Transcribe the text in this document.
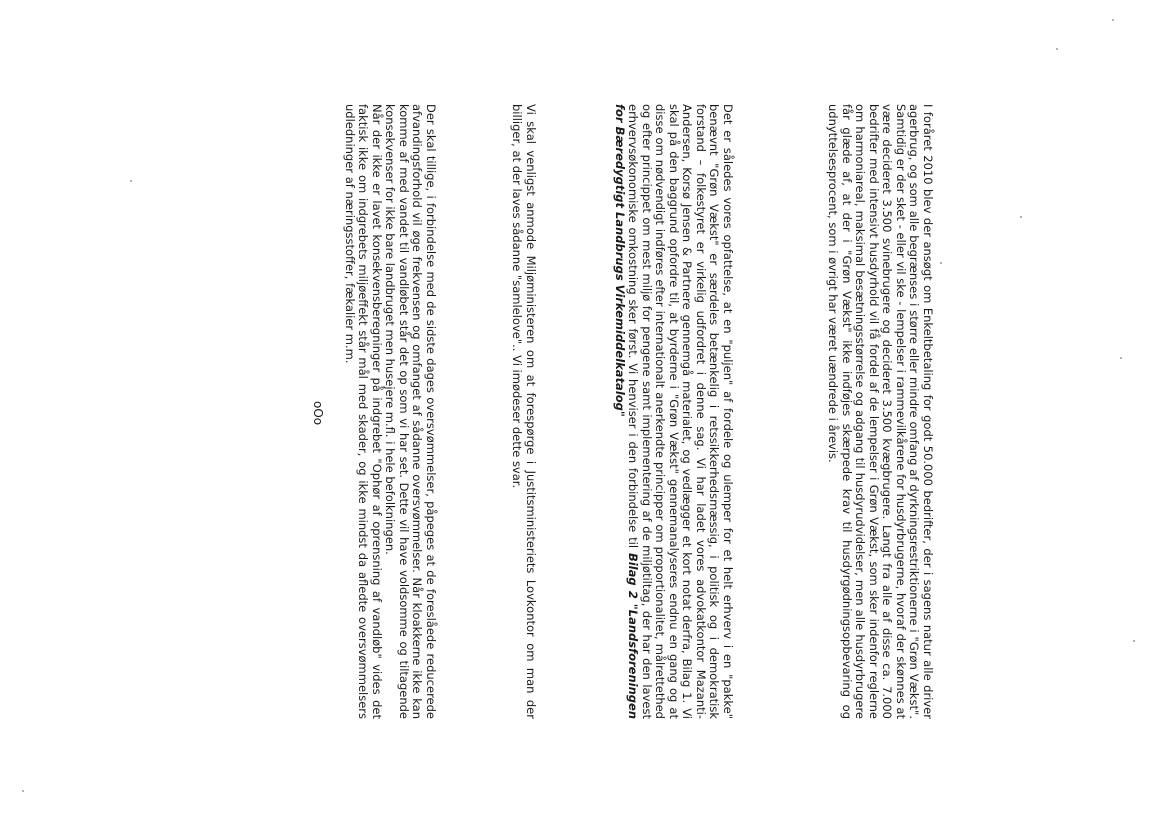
I foråret 2010 blev der ansøgt om Enkeltbetaling for godt 50.000 bedrifter, der i sagens natur alle driver agerbrug, og som alle begrænses i større eller mindre omfang af dyrkningsrestriktionerne i "Grøn Vækst". Samtidig er der sket - eller vil ske - lempelser i rammevilkårene for husdyrbrugerne, hvoraf der skønnes at være decideret 3.500 svinebrugere og decideret 3.500 kvægbrugere. Langt fra alle af disse ca. 7.000 bedrifter med intensivt husdyrhold vil få fordel af de lempelser i Grøn Vækst, som sker indenfor reglerne om harmoniareal, maksimal besætningsstørrelse og adgang til husdyrudvidelser, men alle husdyrbrugere får glæde af, at der i "Grøn Vækst" ikke indføjes skærpede krav til husdyrgødningsopbevaring og udnyttelsesprocent, som i øvrigt har været uændrede i årevis.

Det er således vores opfattelse, at en "puljen" af fordele og ulemper for et helt erhverv i en "pakke" benævnt "Grøn Vækst" er særdeles betænkelig i retssikkerhedsmæssig, i politisk og i demokratisk forstand – folkestyret er virkelig udfordret i denne sag. Vi har ladet vores advokatkontor Mazanti-Andersen, Korsø Jensen & Partnere gennemgå materialet, og vedlægger et kort notat derfra, Bilag 1. Vi skal på den baggrund opfordre til, at byrderne i "Grøn Vækst" gennemanalyseres endnu en gang og at disse om nødvendigt indføres efter internationalt anerkendte principper om proportionalitet, målrettethed og efter princippet om mest miljø for pengene samt implementering af de miljøtiltag, der har den lavest erhvervsøkonomiske omkostning sker først. Vi henviser i den forbindelse til Bilag 2 "Landsforeningen for Bæredygtigt Landbrugs Virkemiddelkatalog"

Vi skal venligst anmode Miljøministeren om at forespørge i Justitsministeriets Lovkontor om man der billiger, at der laves sådanne "samlelove".. Vi imødeser dette svar.

Der skal tillige, i forbindelse med de sidste dages oversvømmelser, påpeges at de foreslåede reducerede afvandingsforhold vil øge frekvensen og omfanget af sådanne oversvømmelser. Når kloakkerne ikke kan komme af med vandet til vandløbet står det op som vi har set. Dette vil have voldsomme og tiltagende konsekvenser for ikke bare landbruget men husejere m.fl. i hele befolkningen.

Når der ikke er lavet konsekvensberegninger på indgrebet "Ophør af oprensning af vandløb" vides det faktisk ikke om indgrebets miljøeffekt står mål med skader, og ikke mindst da afledte oversvømmelsers udledninger af næringsstoffer, fækalier m.m.

oOo
